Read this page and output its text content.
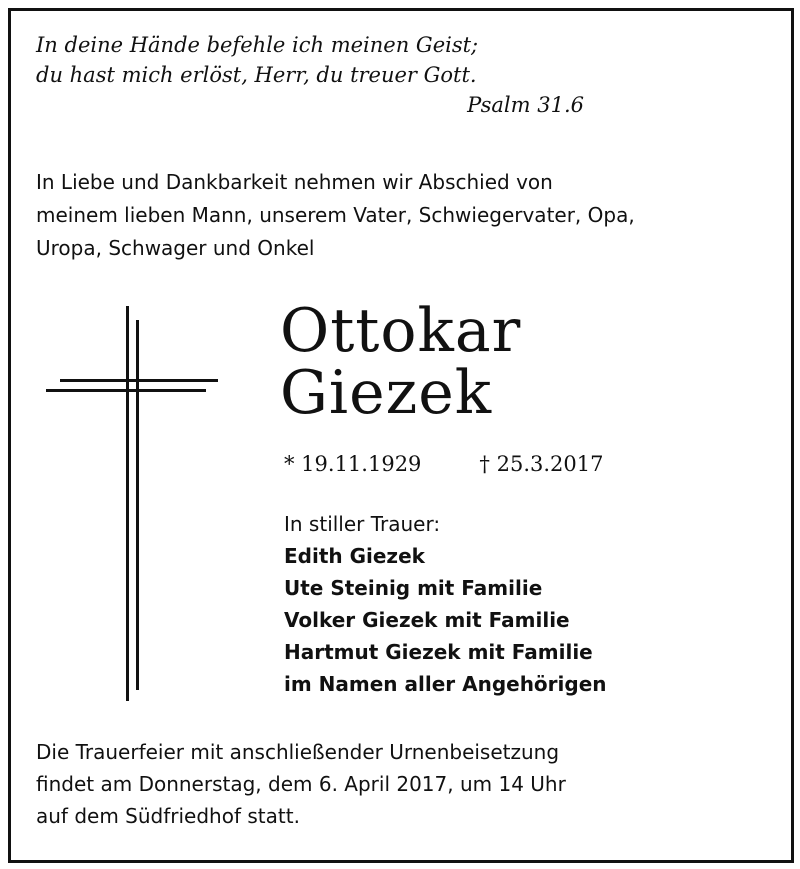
In deine Hände befehle ich meinen Geist;
du hast mich erlöst, Herr, du treuer Gott.
Psalm 31.6
In Liebe und Dankbarkeit nehmen wir Abschied von
meinem lieben Mann, unserem Vater, Schwiegervater, Opa,
Uropa, Schwager und Onkel
Ottokar
Giezek
* 19.11.1929	† 25.3.2017
In stiller Trauer:
Edith Giezek
Ute Steinig mit Familie
Volker Giezek mit Familie
Hartmut Giezek mit Familie
im Namen aller Angehörigen
Die Trauerfeier mit anschließender Urnenbeisetzung
findet am Donnerstag, dem 6. April 2017, um 14 Uhr
auf dem Südfriedhof statt.
